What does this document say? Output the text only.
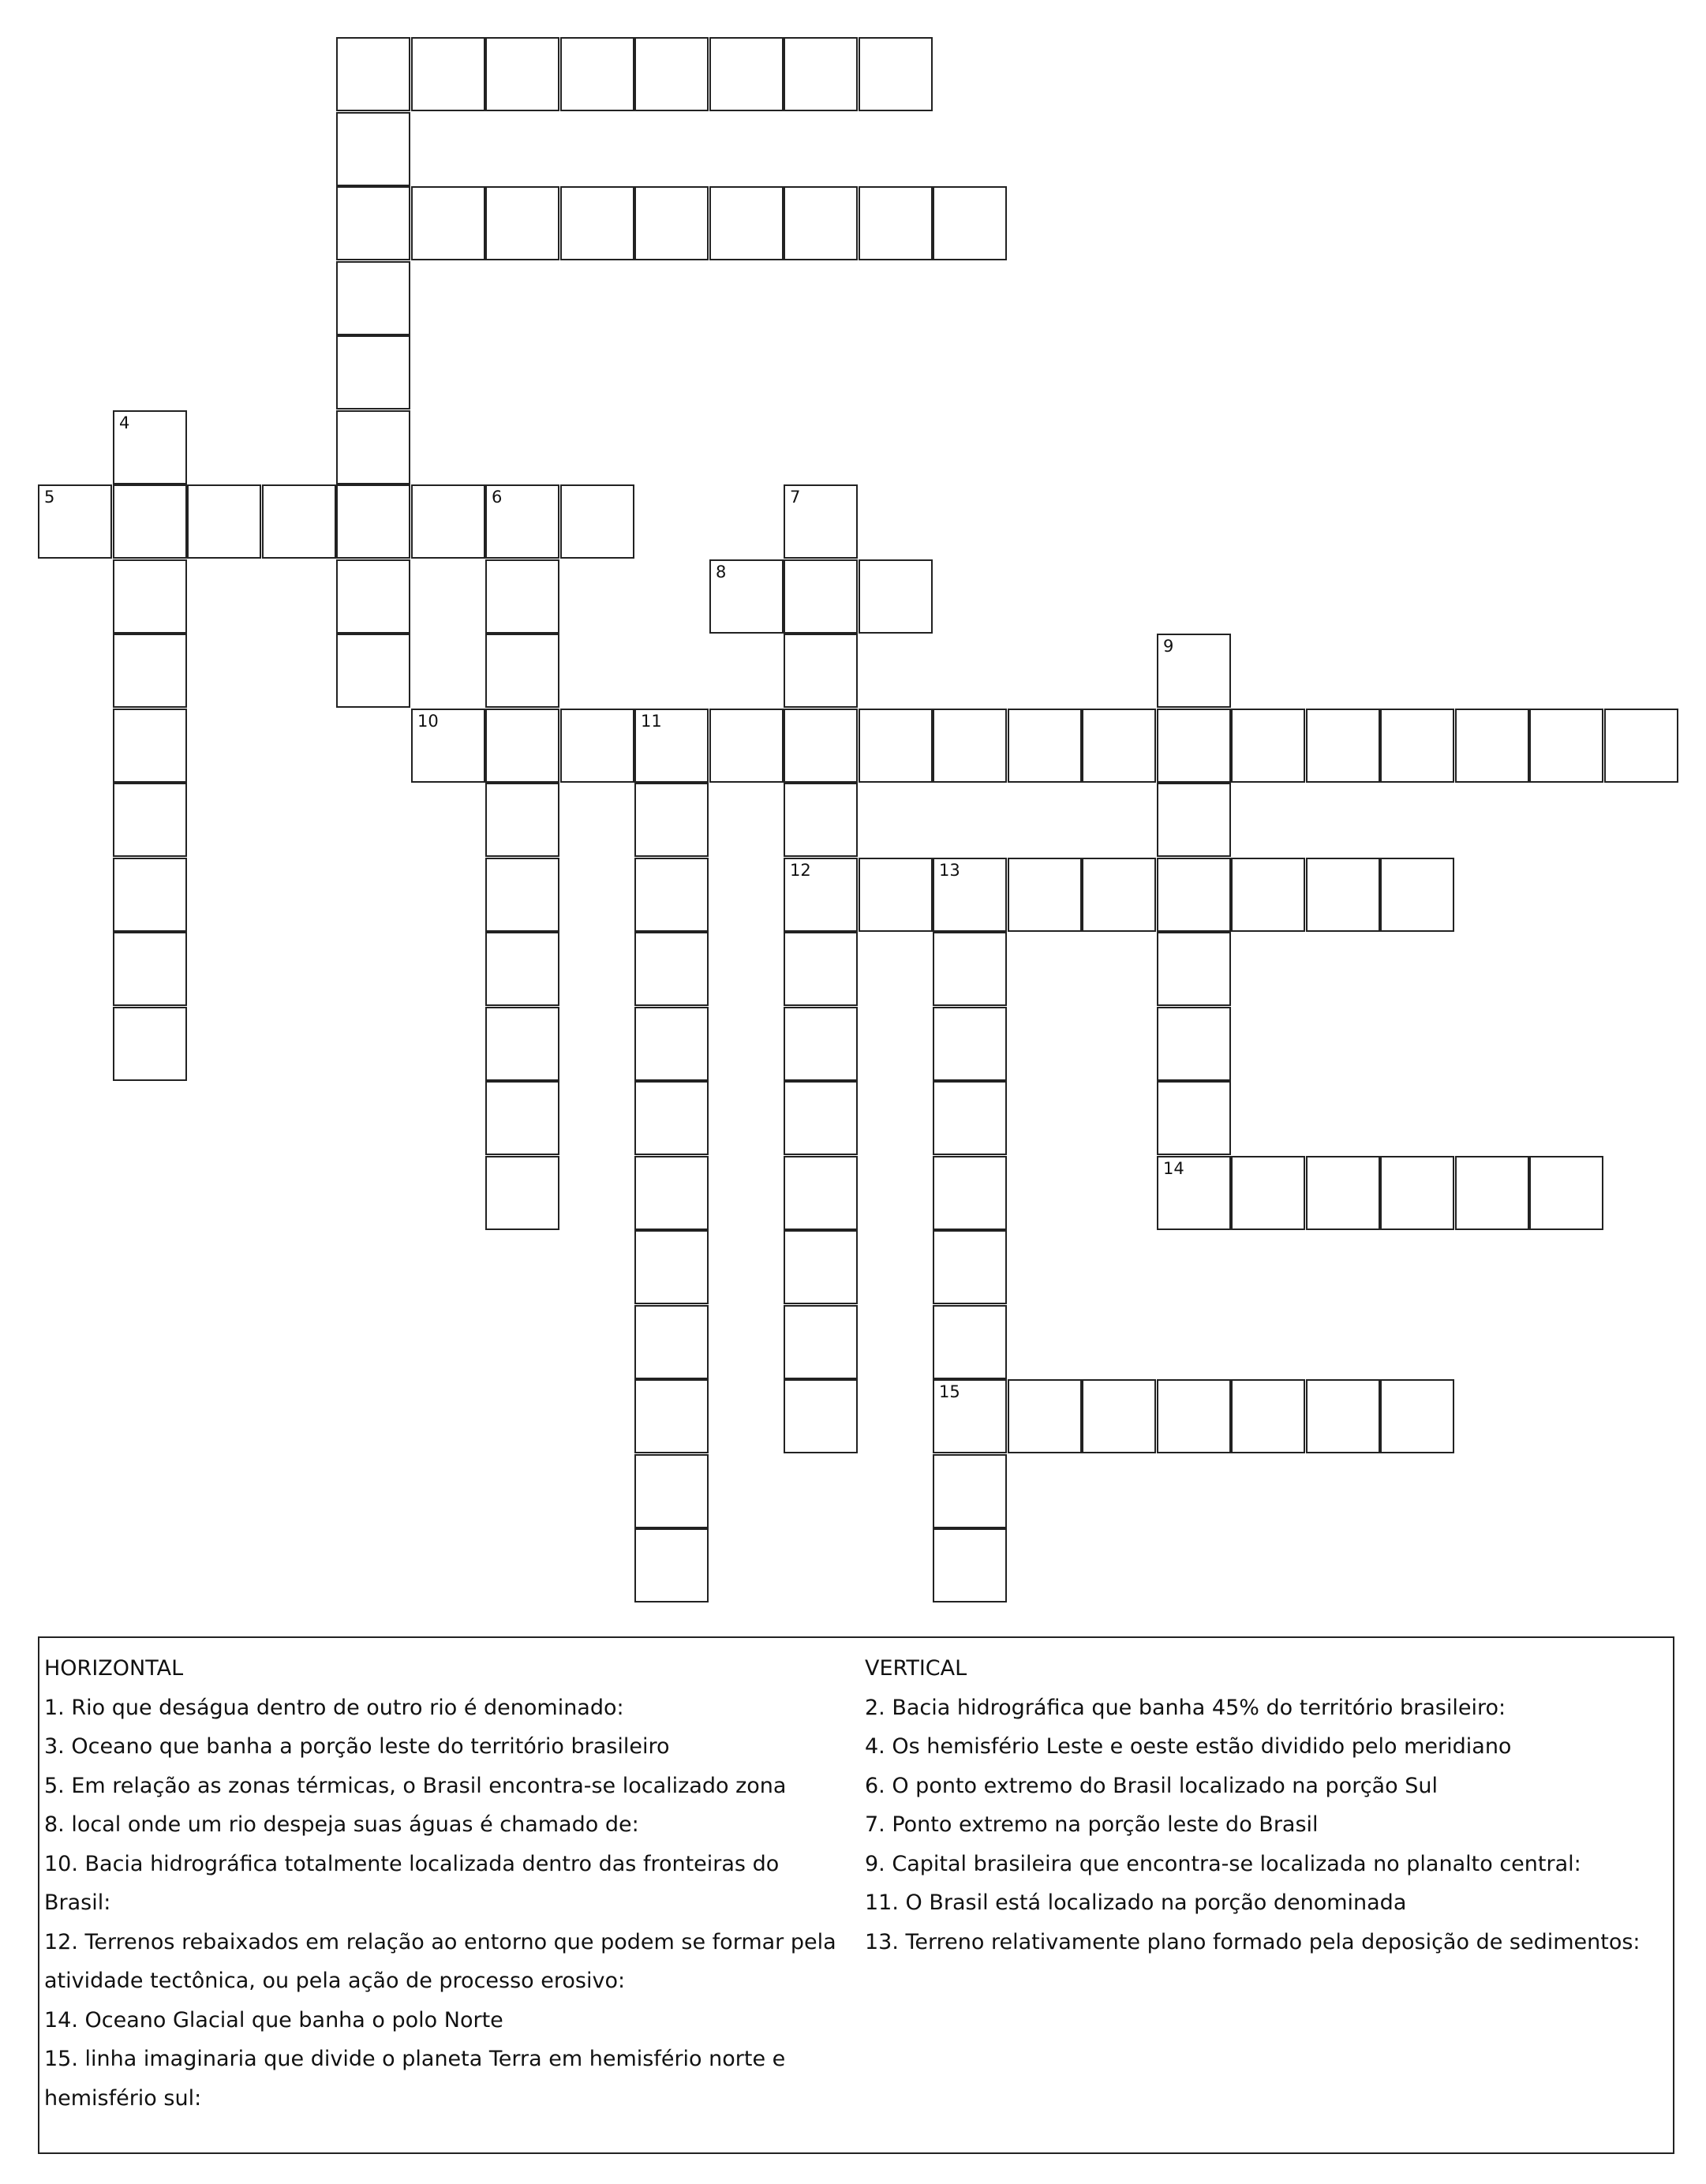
4
5	6	7
12
8
9
14
10	11
13
15
HORIZONTAL
1. Rio que deságua dentro de outro rio é denominado:
3. Oceano que banha a porção leste do território brasileiro
5. Em relação as zonas térmicas, o Brasil encontra-se localizado zona
8. local onde um rio despeja suas águas é chamado de:
10. Bacia hidrográfica totalmente localizada dentro das fronteiras do
Brasil:
12. Terrenos rebaixados em relação ao entorno que podem se formar pela
atividade tectônica, ou pela ação de processo erosivo:
14. Oceano Glacial que banha o polo Norte
15. linha imaginaria que divide o planeta Terra em hemisfério norte e
hemisfério sul:
VERTICAL
2. Bacia hidrográfica que banha 45% do território brasileiro:
4. Os hemisfério Leste e oeste estão dividido pelo meridiano
6. O ponto extremo do Brasil localizado na porção Sul
7. Ponto extremo na porção leste do Brasil
9. Capital brasileira que encontra-se localizada no planalto central:
11. O Brasil está localizado na porção denominada
13. Terreno relativamente plano formado pela deposição de sedimentos:
